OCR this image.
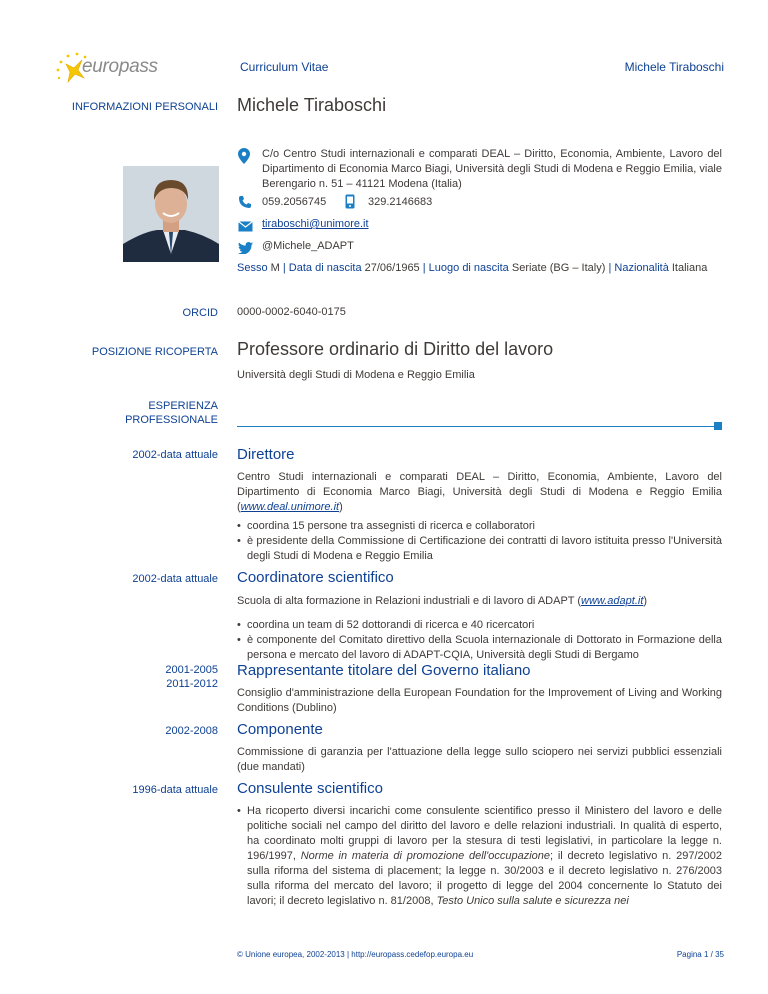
europass	Curriculum Vitae	Michele Tiraboschi
INFORMAZIONI PERSONALI Michele Tiraboschi
C/o Centro Studi internazionali e comparati DEAL – Diritto, Economia, Ambiente, Lavoro del Dipartimento di Economia Marco Biagi, Università degli Studi di Modena e Reggio Emilia, viale Berengario n. 51 – 41121 Modena (Italia)
059.2056745	329.2146683
tiraboschi@unimore.it
@Michele_ADAPT
Sesso M | Data di nascita 27/06/1965 | Luogo di nascita Seriate (BG – Italy) | Nazionalità Italiana
ORCID 0000-0002-6040-0175
POSIZIONE RICOPERTA Professore ordinario di Diritto del lavoro
Università degli Studi di Modena e Reggio Emilia
ESPERIENZA
PROFESSIONALE
2002-data attuale Direttore
Centro Studi internazionali e comparati DEAL – Diritto, Economia, Ambiente, Lavoro del Dipartimento di Economia Marco Biagi, Università degli Studi di Modena e Reggio Emilia (www.deal.unimore.it)
• coordina 15 persone tra assegnisti di ricerca e collaboratori
• è presidente della Commissione di Certificazione dei contratti di lavoro istituita presso l'Università degli Studi di Modena e Reggio Emilia
2002-data attuale Coordinatore scientifico
Scuola di alta formazione in Relazioni industriali e di lavoro di ADAPT (www.adapt.it)
• coordina un team di 52 dottorandi di ricerca e 40 ricercatori
• è componente del Comitato direttivo della Scuola internazionale di Dottorato in Formazione della persona e mercato del lavoro di ADAPT-CQIA, Università degli Studi di Bergamo
2001-2005
2011-2012
Rappresentante titolare del Governo italiano
Consiglio d'amministrazione della European Foundation for the Improvement of Living and Working Conditions (Dublino)
2002-2008 Componente
Commissione di garanzia per l'attuazione della legge sullo sciopero nei servizi pubblici essenziali (due mandati)
1996-data attuale Consulente scientifico
• Ha ricoperto diversi incarichi come consulente scientifico presso il Ministero del lavoro e delle politiche sociali nel campo del diritto del lavoro e delle relazioni industriali. In qualità di esperto, ha coordinato molti gruppi di lavoro per la stesura di testi legislativi, in particolare la legge n. 196/1997, Norme in materia di promozione dell'occupazione; il decreto legislativo n. 297/2002 sulla riforma del sistema di placement; la legge n. 30/2003 e il decreto legislativo n. 276/2003 sulla riforma del mercato del lavoro; il progetto di legge del 2004 concernente lo Statuto dei lavori; il decreto legislativo n. 81/2008, Testo Unico sulla salute e sicurezza nei
© Unione europea, 2002-2013 | http://europass.cedefop.europa.eu	Pagina 1 / 35
